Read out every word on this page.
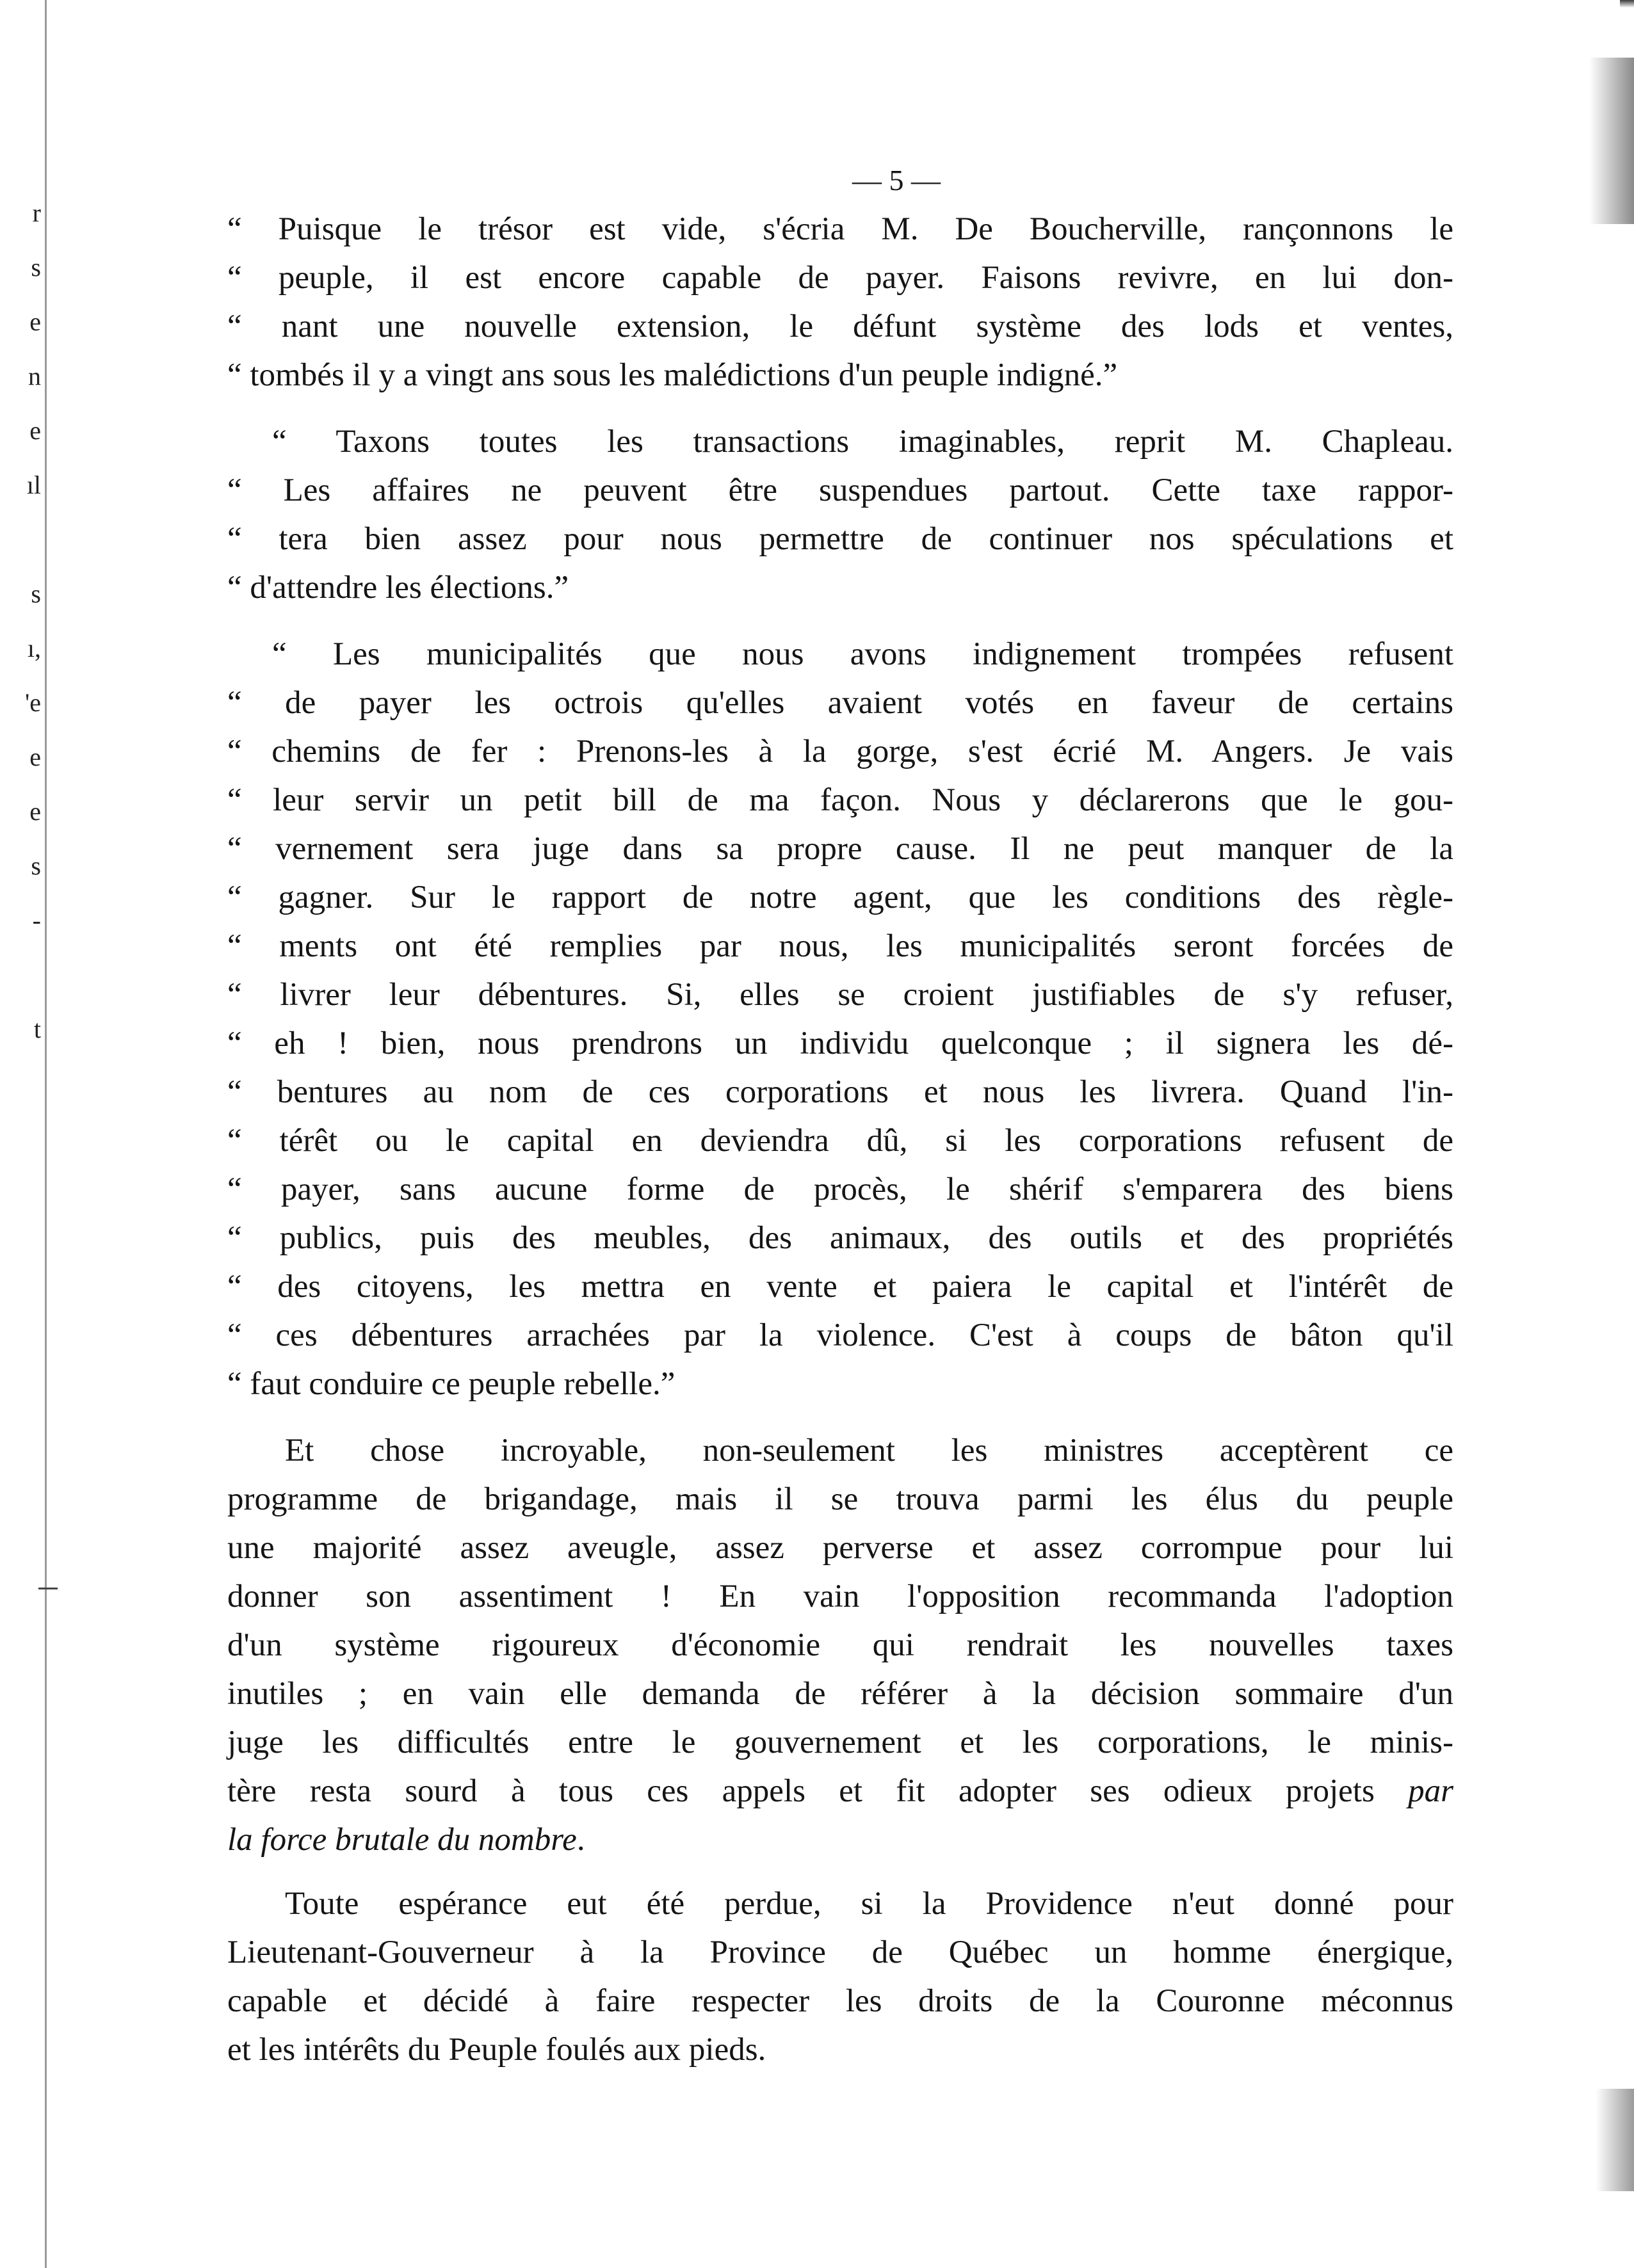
r
s
e
n
e
ıl
s
ı,
'e
e
e
s
-
t
— 5 —
“ Puisque le trésor est vide, s'écria M. De Boucherville, rançonnons le
“ peuple, il est encore capable de payer. Faisons revivre, en lui don-
“ nant une nouvelle extension, le défunt système des lods et ventes,
“ tombés il y a vingt ans sous les malédictions d'un peuple indigné.”
“ Taxons toutes les transactions imaginables, reprit M. Chapleau.
“ Les affaires ne peuvent être suspendues partout. Cette taxe rappor-
“ tera bien assez pour nous permettre de continuer nos spéculations et
“ d'attendre les élections.”
“ Les municipalités que nous avons indignement trompées refusent
“ de payer les octrois qu'elles avaient votés en faveur de certains
“ chemins de fer : Prenons-les à la gorge, s'est écrié M. Angers. Je vais
“ leur servir un petit bill de ma façon. Nous y déclarerons que le gou-
“ vernement sera juge dans sa propre cause. Il ne peut manquer de la
“ gagner. Sur le rapport de notre agent, que les conditions des règle-
“ ments ont été remplies par nous, les municipalités seront forcées de
“ livrer leur débentures. Si, elles se croient justifiables de s'y refuser,
“ eh ! bien, nous prendrons un individu quelconque ; il signera les dé-
“ bentures au nom de ces corporations et nous les livrera. Quand l'in-
“ térêt ou le capital en deviendra dû, si les corporations refusent de
“ payer, sans aucune forme de procès, le shérif s'emparera des biens
“ publics, puis des meubles, des animaux, des outils et des propriétés
“ des citoyens, les mettra en vente et paiera le capital et l'intérêt de
“ ces débentures arrachées par la violence. C'est à coups de bâton qu'il
“ faut conduire ce peuple rebelle.”
Et chose incroyable, non-seulement les ministres acceptèrent ce
programme de brigandage, mais il se trouva parmi les élus du peuple
une majorité assez aveugle, assez perverse et assez corrompue pour lui
donner son assentiment ! En vain l'opposition recommanda l'adoption
d'un système rigoureux d'économie qui rendrait les nouvelles taxes
inutiles ; en vain elle demanda de référer à la décision sommaire d'un
juge les difficultés entre le gouvernement et les corporations, le minis-
tère resta sourd à tous ces appels et fit adopter ses odieux projets par
la force brutale du nombre.
Toute espérance eut été perdue, si la Providence n'eut donné pour
Lieutenant-Gouverneur à la Province de Québec un homme énergique,
capable et décidé à faire respecter les droits de la Couronne méconnus
et les intérêts du Peuple foulés aux pieds.
